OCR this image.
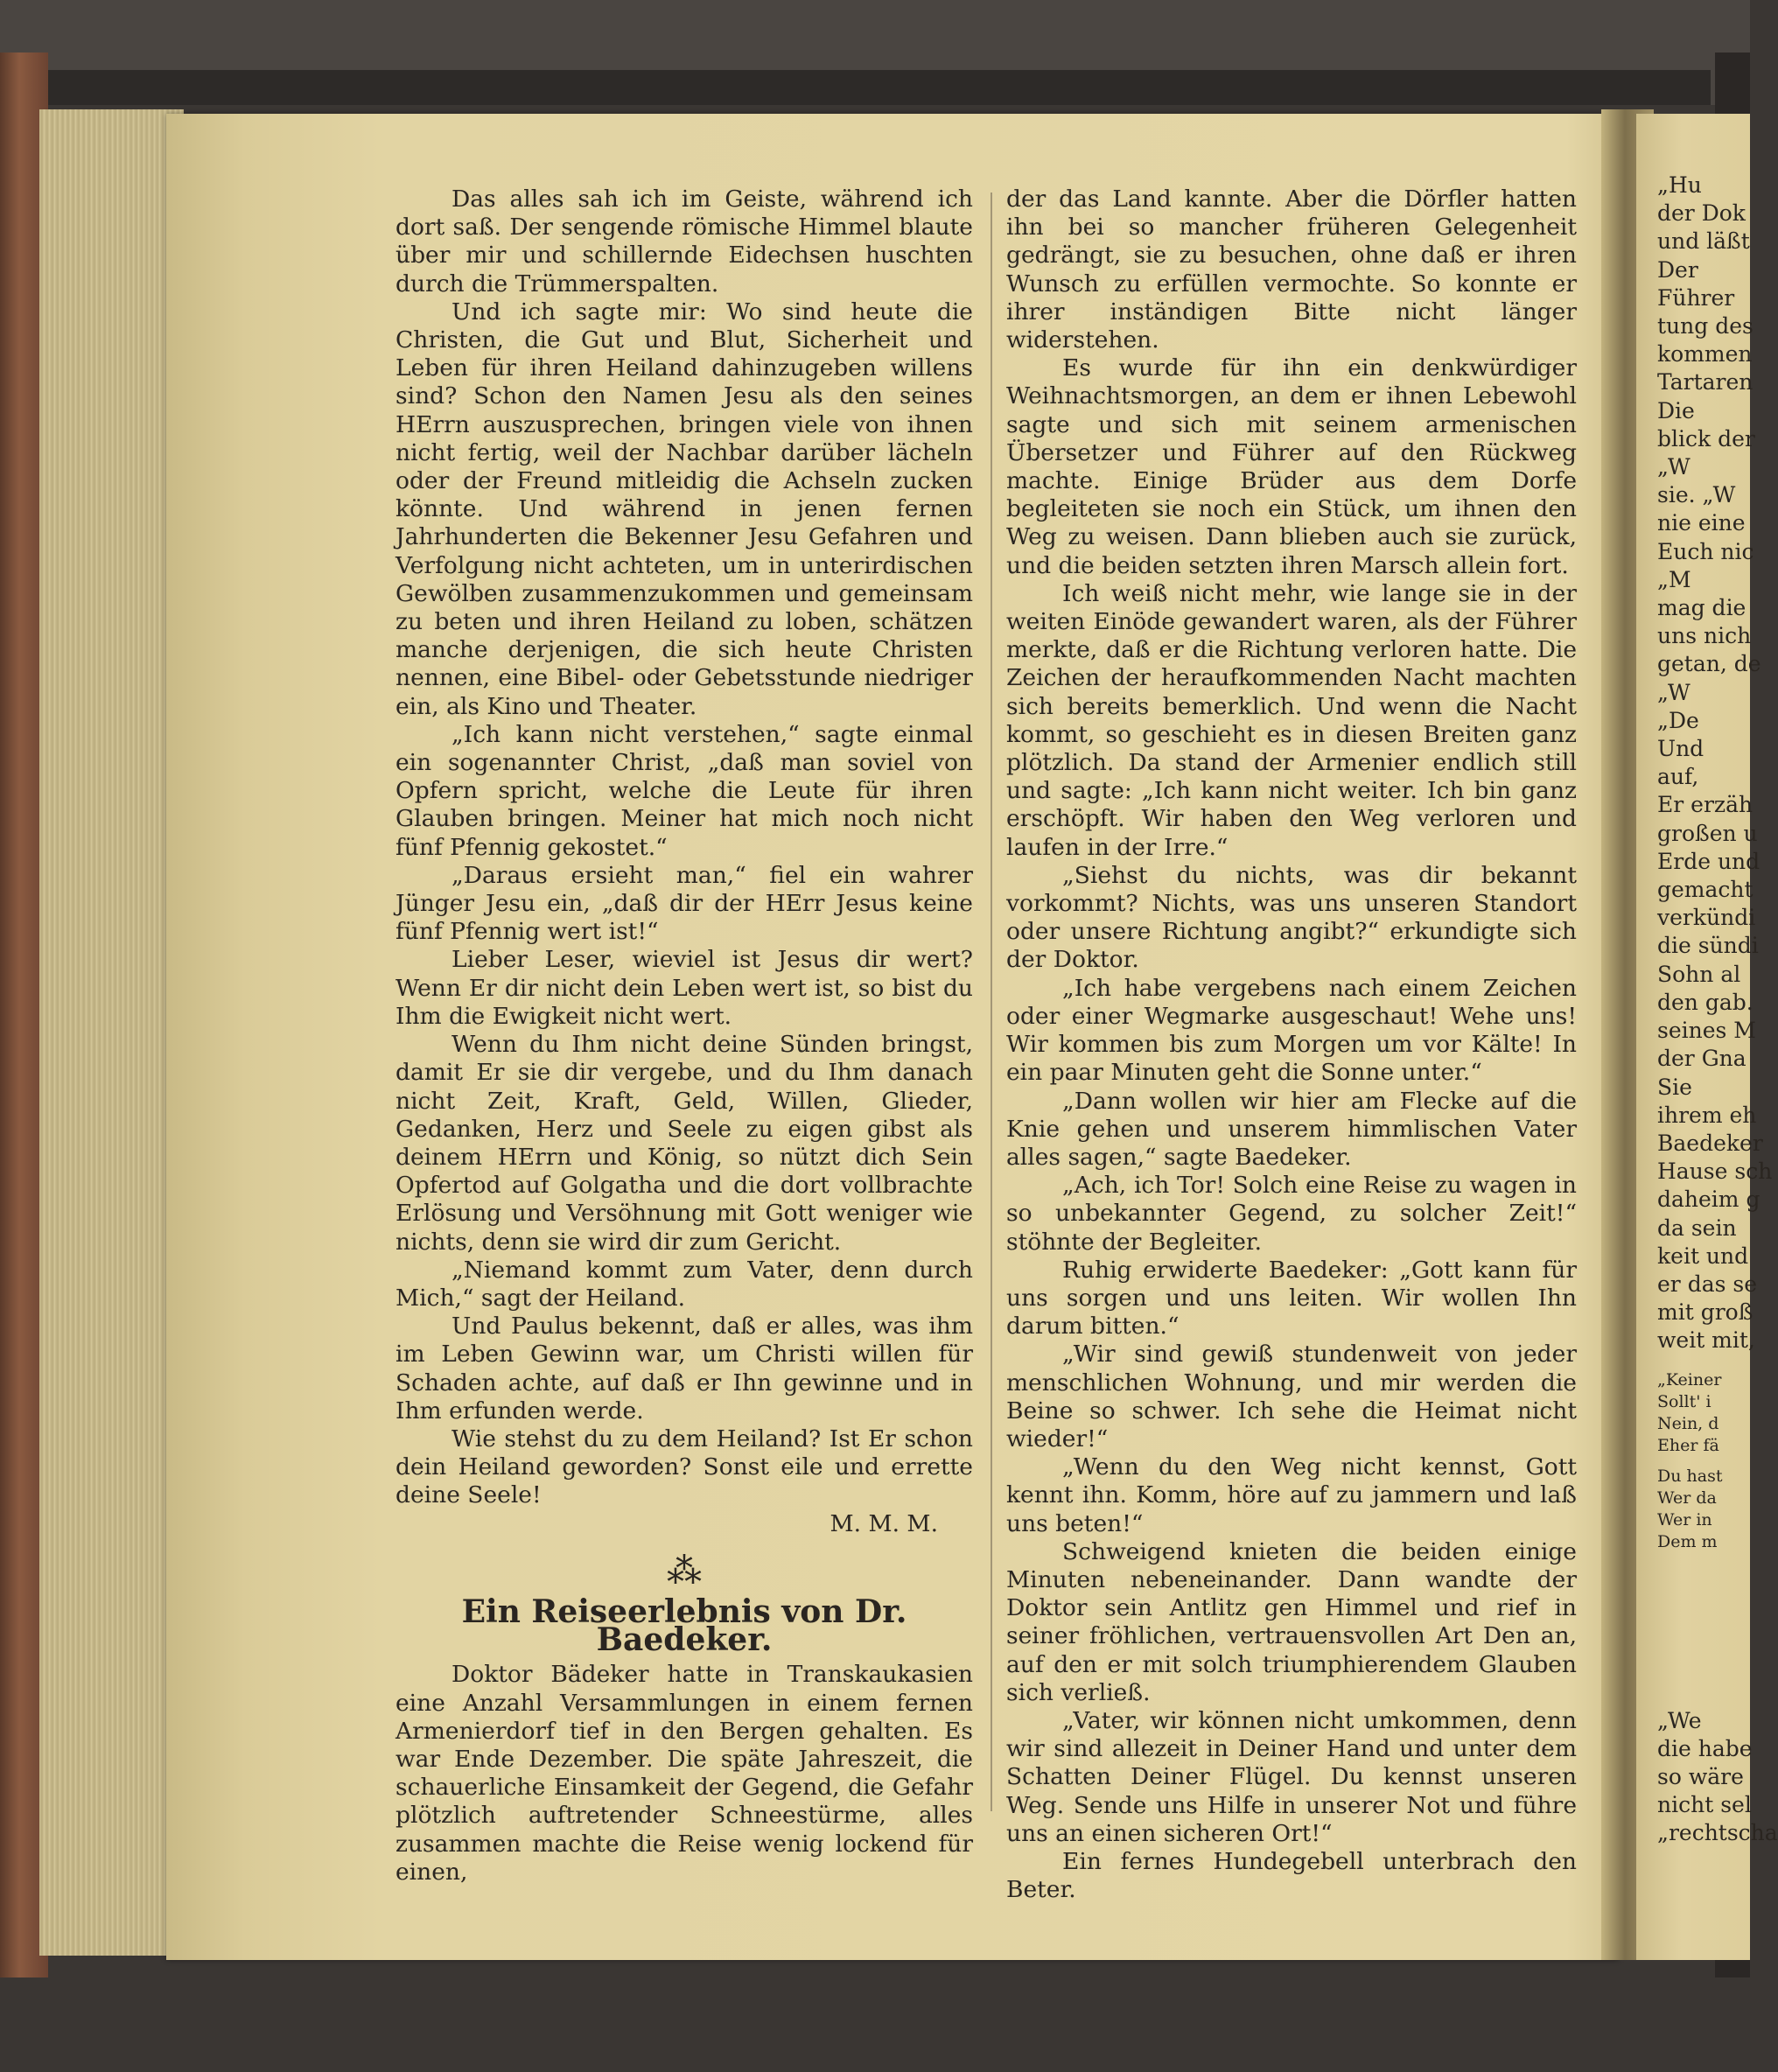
Das alles sah ich im Geiste, während ich dort saß. Der sengende römische Himmel blaute über mir und schillernde Eidechsen huschten durch die Trümmerspalten.

Und ich sagte mir: Wo sind heute die Christen, die Gut und Blut, Sicherheit und Leben für ihren Heiland dahinzugeben willens sind? Schon den Namen Jesu als den seines HErrn auszusprechen, bringen viele von ihnen nicht fertig, weil der Nachbar darüber lächeln oder der Freund mitleidig die Achseln zucken könnte. Und während in jenen fernen Jahrhunderten die Bekenner Jesu Gefahren und Verfolgung nicht achteten, um in unterirdischen Gewölben zusammenzukommen und gemeinsam zu beten und ihren Heiland zu loben, schätzen manche derjenigen, die sich heute Christen nennen, eine Bibel- oder Gebetsstunde niedriger ein, als Kino und Theater.

„Ich kann nicht verstehen,“ sagte einmal ein sogenannter Christ, „daß man soviel von Opfern spricht, welche die Leute für ihren Glauben bringen. Meiner hat mich noch nicht fünf Pfennig gekostet.“

„Daraus ersieht man,“ fiel ein wahrer Jünger Jesu ein, „daß dir der HErr Jesus keine fünf Pfennig wert ist!“

Lieber Leser, wieviel ist Jesus dir wert? Wenn Er dir nicht dein Leben wert ist, so bist du Ihm die Ewigkeit nicht wert.

Wenn du Ihm nicht deine Sünden bringst, damit Er sie dir vergebe, und du Ihm danach nicht Zeit, Kraft, Geld, Willen, Glieder, Gedanken, Herz und Seele zu eigen gibst als deinem HErrn und König, so nützt dich Sein Opfertod auf Golgatha und die dort vollbrachte Erlösung und Versöhnung mit Gott weniger wie nichts, denn sie wird dir zum Gericht.

„Niemand kommt zum Vater, denn durch Mich,“ sagt der Heiland.

Und Paulus bekennt, daß er alles, was ihm im Leben Gewinn war, um Christi willen für Schaden achte, auf daß er Ihn gewinne und in Ihm erfunden werde.

Wie stehst du zu dem Heiland? Ist Er schon dein Heiland geworden? Sonst eile und errette deine Seele!

M. M. M.
⁂
Ein Reiseerlebnis von Dr. Baedeker.

Doktor Bädeker hatte in Transkaukasien eine Anzahl Versammlungen in einem fernen Armenierdorf tief in den Bergen gehalten. Es war Ende Dezember. Die späte Jahreszeit, die schauerliche Einsamkeit der Gegend, die Gefahr plötzlich auftretender Schneestürme, alles zusammen machte die Reise wenig lockend für einen,

der das Land kannte. Aber die Dörfler hatten ihn bei so mancher früheren Gelegenheit gedrängt, sie zu besuchen, ohne daß er ihren Wunsch zu erfüllen vermochte. So konnte er ihrer inständigen Bitte nicht länger widerstehen.

Es wurde für ihn ein denkwürdiger Weihnachtsmorgen, an dem er ihnen Lebewohl sagte und sich mit seinem armenischen Übersetzer und Führer auf den Rückweg machte. Einige Brüder aus dem Dorfe begleiteten sie noch ein Stück, um ihnen den Weg zu weisen. Dann blieben auch sie zurück, und die beiden setzten ihren Marsch allein fort.

Ich weiß nicht mehr, wie lange sie in der weiten Einöde gewandert waren, als der Führer merkte, daß er die Richtung verloren hatte. Die Zeichen der heraufkommenden Nacht machten sich bereits bemerklich. Und wenn die Nacht kommt, so geschieht es in diesen Breiten ganz plötzlich. Da stand der Armenier endlich still und sagte: „Ich kann nicht weiter. Ich bin ganz erschöpft. Wir haben den Weg verloren und laufen in der Irre.“

„Siehst du nichts, was dir bekannt vorkommt? Nichts, was uns unseren Standort oder unsere Richtung angibt?“ erkundigte sich der Doktor.

„Ich habe vergebens nach einem Zeichen oder einer Wegmarke ausgeschaut! Wehe uns! Wir kommen bis zum Morgen um vor Kälte! In ein paar Minuten geht die Sonne unter.“

„Dann wollen wir hier am Flecke auf die Knie gehen und unserem himmlischen Vater alles sagen,“ sagte Baedeker.

„Ach, ich Tor! Solch eine Reise zu wagen in so unbekannter Gegend, zu solcher Zeit!“ stöhnte der Begleiter.

Ruhig erwiderte Baedeker: „Gott kann für uns sorgen und uns leiten. Wir wollen Ihn darum bitten.“

„Wir sind gewiß stundenweit von jeder menschlichen Wohnung, und mir werden die Beine so schwer. Ich sehe die Heimat nicht wieder!“

„Wenn du den Weg nicht kennst, Gott kennt ihn. Komm, höre auf zu jammern und laß uns beten!“

Schweigend knieten die beiden einige Minuten nebeneinander. Dann wandte der Doktor sein Antlitz gen Himmel und rief in seiner fröhlichen, vertrauensvollen Art Den an, auf den er mit solch triumphierendem Glauben sich verließ.

„Vater, wir können nicht umkommen, denn wir sind allezeit in Deiner Hand und unter dem Schatten Deiner Flügel. Du kennst unseren Weg. Sende uns Hilfe in unserer Not und führe uns an einen sicheren Ort!“

Ein fernes Hundegebell unterbrach den Beter.

„Hu
der Dok
und läßt
Der
Führer
tung des
kommen
Tartaren
Die
blick der
„W
sie. „W
nie eine
Euch nic
„M
mag die
uns nich
getan, de
„W
„De
Und
auf,
Er erzäh
großen u
Erde und
gemacht
verkündi
die sündi
Sohn al
den gab.
seines M
der Gna
Sie
ihrem eh
Baedeker
Hause sch
daheim g
da sein
keit und
er das se
mit groß
weit mit,
„Keiner
Sollt' i
Nein, d
Eher fä
Du hast
Wer da
Wer in
Dem m
„We
die habe
so wäre
nicht sel
„rechtscha
